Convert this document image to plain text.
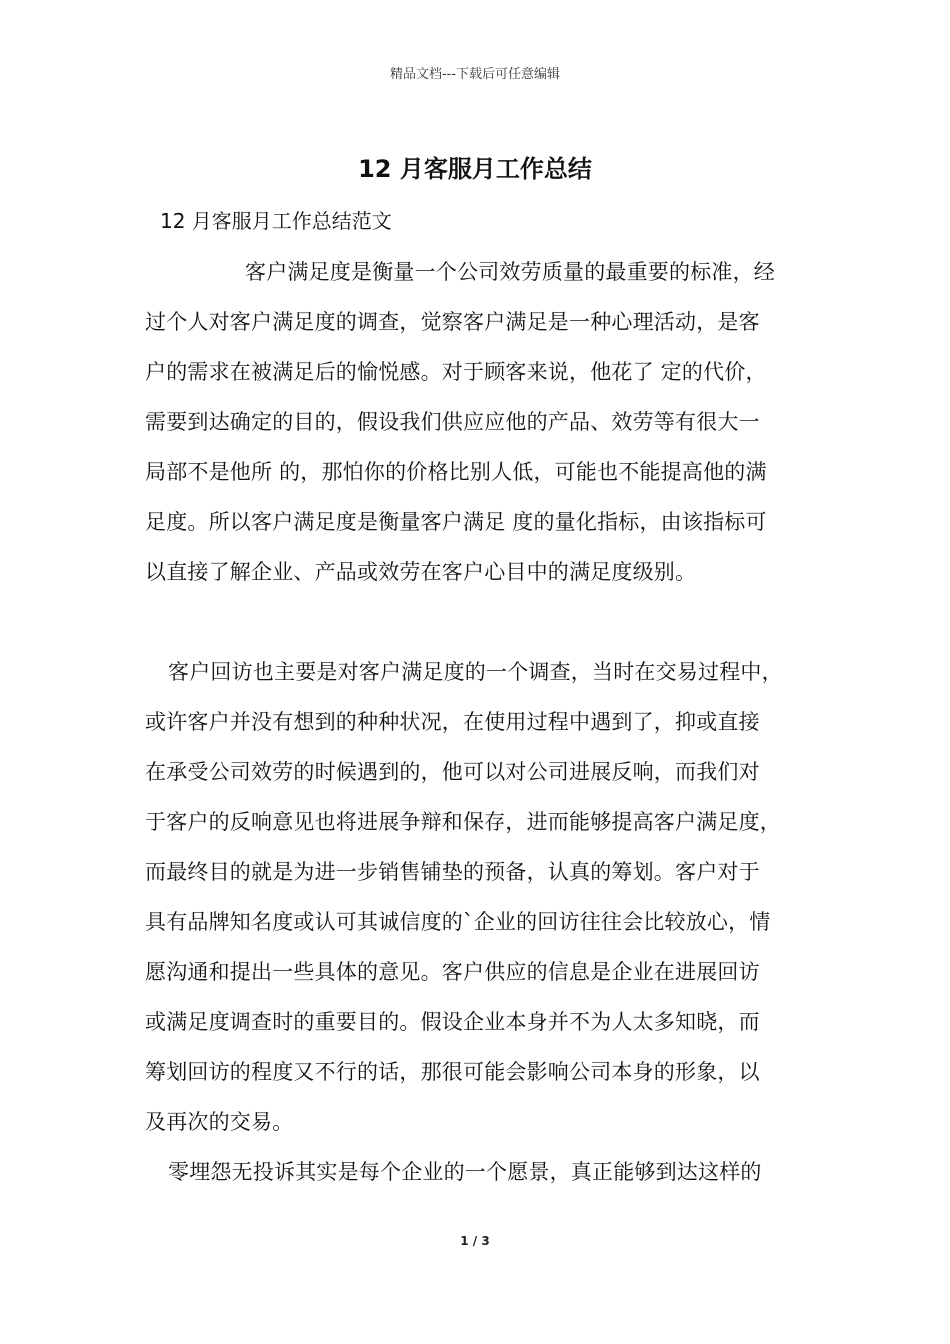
精品文档---下载后可任意编辑
12 月客服月工作总结
12 月客服月工作总结范文
客户满足度是衡量一个公司效劳质量的最重要的标准，经
过个人对客户满足度的调查，觉察客户满足是一种心理活动，是客
户的需求在被满足后的愉悦感。对于顾客来说，他花了 定的代价，
需要到达确定的目的，假设我们供应应他的产品、效劳等有很大一
局部不是他所 的，那怕你的价格比别人低，可能也不能提高他的满
足度。所以客户满足度是衡量客户满足 度的量化指标，由该指标可
以直接了解企业、产品或效劳在客户心目中的满足度级别。
客户回访也主要是对客户满足度的一个调查，当时在交易过程中，
或许客户并没有想到的种种状况，在使用过程中遇到了，抑或直接
在承受公司效劳的时候遇到的，他可以对公司进展反响，而我们对
于客户的反响意见也将进展争辩和保存，进而能够提高客户满足度，
而最终目的就是为进一步销售铺垫的预备，认真的筹划。客户对于
具有品牌知名度或认可其诚信度的`企业的回访往往会比较放心，情
愿沟通和提出一些具体的意见。客户供应的信息是企业在进展回访
或满足度调查时的重要目的。假设企业本身并不为人太多知晓，而
筹划回访的程度又不行的话，那很可能会影响公司本身的形象，以
及再次的交易。
零埋怨无投诉其实是每个企业的一个愿景，真正能够到达这样的
1 / 3
